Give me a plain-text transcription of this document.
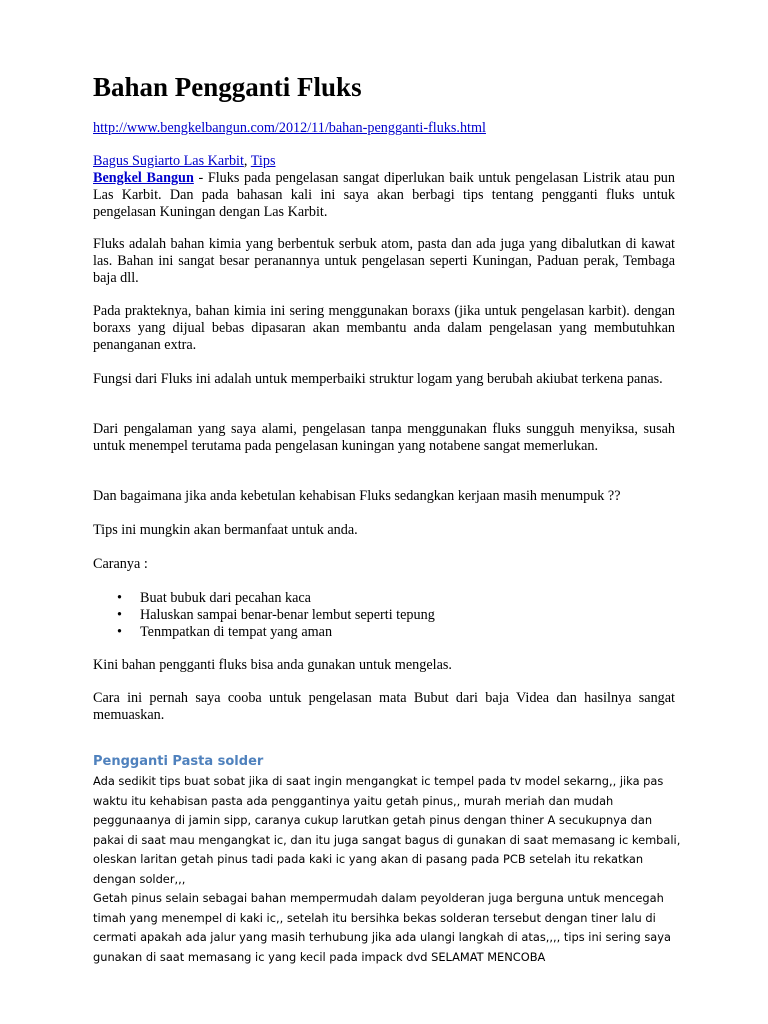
Bahan Pengganti Fluks
http://www.bengkelbangun.com/2012/11/bahan-pengganti-fluks.html
Bagus Sugiarto Las Karbit, Tips

Bengkel Bangun - Fluks pada pengelasan sangat diperlukan baik untuk pengelasan Listrik atau pun Las Karbit. Dan pada bahasan kali ini saya akan berbagi tips tentang pengganti fluks untuk pengelasan Kuningan dengan Las Karbit.

Fluks adalah bahan kimia yang berbentuk serbuk atom, pasta dan ada juga yang dibalutkan di kawat las. Bahan ini sangat besar peranannya untuk pengelasan seperti Kuningan, Paduan perak, Tembaga baja dll.

Pada prakteknya, bahan kimia ini sering menggunakan boraxs (jika untuk pengelasan karbit). dengan boraxs yang dijual bebas dipasaran akan membantu anda dalam pengelasan yang membutuhkan penanganan extra.

Fungsi dari Fluks ini adalah untuk memperbaiki struktur logam yang berubah akiubat terkena panas.

Dari pengalaman yang saya alami, pengelasan tanpa menggunakan fluks sungguh menyiksa, susah untuk menempel terutama pada pengelasan kuningan yang notabene sangat memerlukan.

Dan bagaimana jika anda kebetulan kehabisan Fluks sedangkan kerjaan masih menumpuk ??

Tips ini mungkin akan bermanfaat untuk anda.

Caranya :

• Buat bubuk dari pecahan kaca
• Haluskan sampai benar-benar lembut seperti tepung
• Tenmpatkan di tempat yang aman

Kini bahan pengganti fluks bisa anda gunakan untuk mengelas.

Cara ini pernah saya cooba untuk pengelasan mata Bubut dari baja Videa dan hasilnya sangat memuaskan.

Pengganti Pasta solder
Ada sedikit tips buat sobat jika di saat ingin mengangkat ic tempel pada tv model sekarng,, jika pas
waktu itu kehabisan pasta ada penggantinya yaitu getah pinus,, murah meriah dan mudah
peggunaanya di jamin sipp, caranya cukup larutkan getah pinus dengan thiner A secukupnya dan
pakai di saat mau mengangkat ic, dan itu juga sangat bagus di gunakan di saat memasang ic kembali,
oleskan laritan getah pinus tadi pada kaki ic yang akan di pasang pada PCB setelah itu rekatkan
dengan solder,,,
Getah pinus selain sebagai bahan mempermudah dalam peyolderan juga berguna untuk mencegah
timah yang menempel di kaki ic,, setelah itu bersihka bekas solderan tersebut dengan tiner lalu di
cermati apakah ada jalur yang masih terhubung jika ada ulangi langkah di atas,,,, tips ini sering saya
gunakan di saat memasang ic yang kecil pada impack dvd SELAMAT MENCOBA
